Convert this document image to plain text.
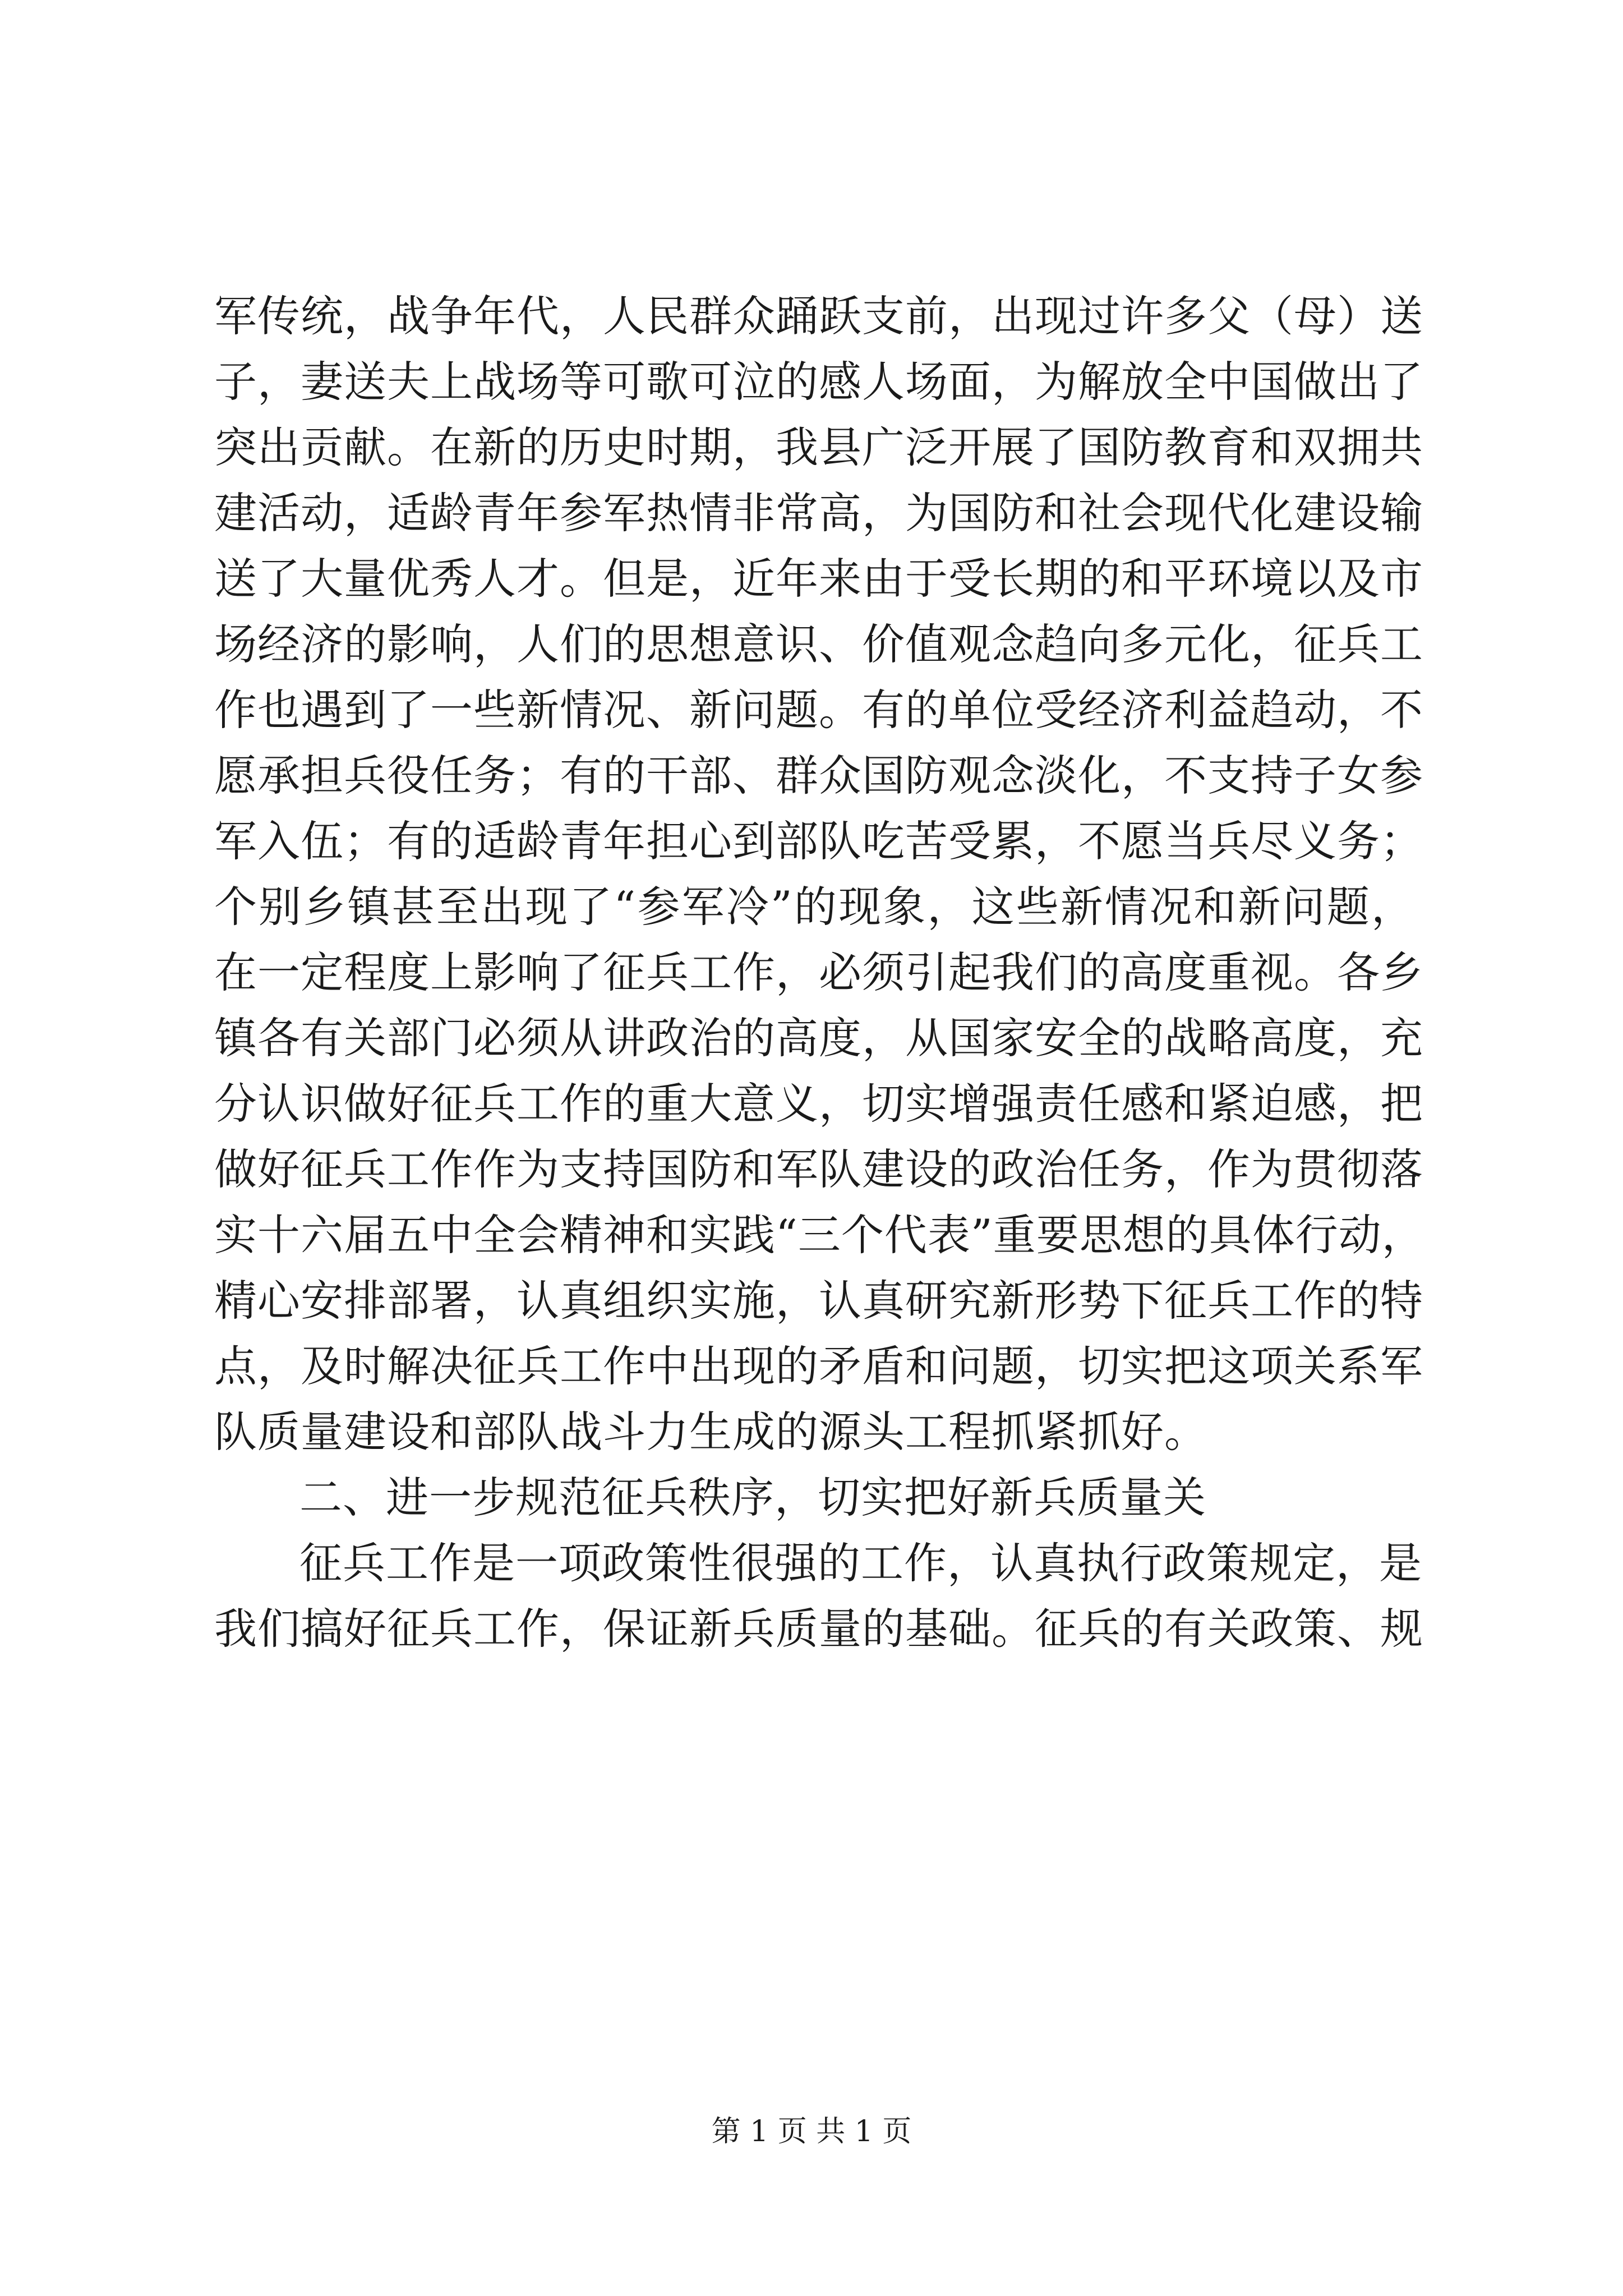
军传统，战争年代，人民群众踊跃支前，出现过许多父（母）送
子，妻送夫上战场等可歌可泣的感人场面，为解放全中国做出了
突出贡献。在新的历史时期，我县广泛开展了国防教育和双拥共
建活动，适龄青年参军热情非常高，为国防和社会现代化建设输
送了大量优秀人才。但是，近年来由于受长期的和平环境以及市
场经济的影响，人们的思想意识、价值观念趋向多元化，征兵工
作也遇到了一些新情况、新问题。有的单位受经济利益趋动，不
愿承担兵役任务；有的干部、群众国防观念淡化，不支持子女参
军入伍；有的适龄青年担心到部队吃苦受累，不愿当兵尽义务；
个别乡镇甚至出现了“参军冷”的现象，这些新情况和新问题，
在一定程度上影响了征兵工作，必须引起我们的高度重视。各乡
镇各有关部门必须从讲政治的高度，从国家安全的战略高度，充
分认识做好征兵工作的重大意义，切实增强责任感和紧迫感，把
做好征兵工作作为支持国防和军队建设的政治任务，作为贯彻落
实十六届五中全会精神和实践“三个代表”重要思想的具体行动，
精心安排部署，认真组织实施，认真研究新形势下征兵工作的特
点，及时解决征兵工作中出现的矛盾和问题，切实把这项关系军
队质量建设和部队战斗力生成的源头工程抓紧抓好。
二、进一步规范征兵秩序，切实把好新兵质量关
征兵工作是一项政策性很强的工作，认真执行政策规定，是
我们搞好征兵工作，保证新兵质量的基础。征兵的有关政策、规
第 1 页 共 1 页
